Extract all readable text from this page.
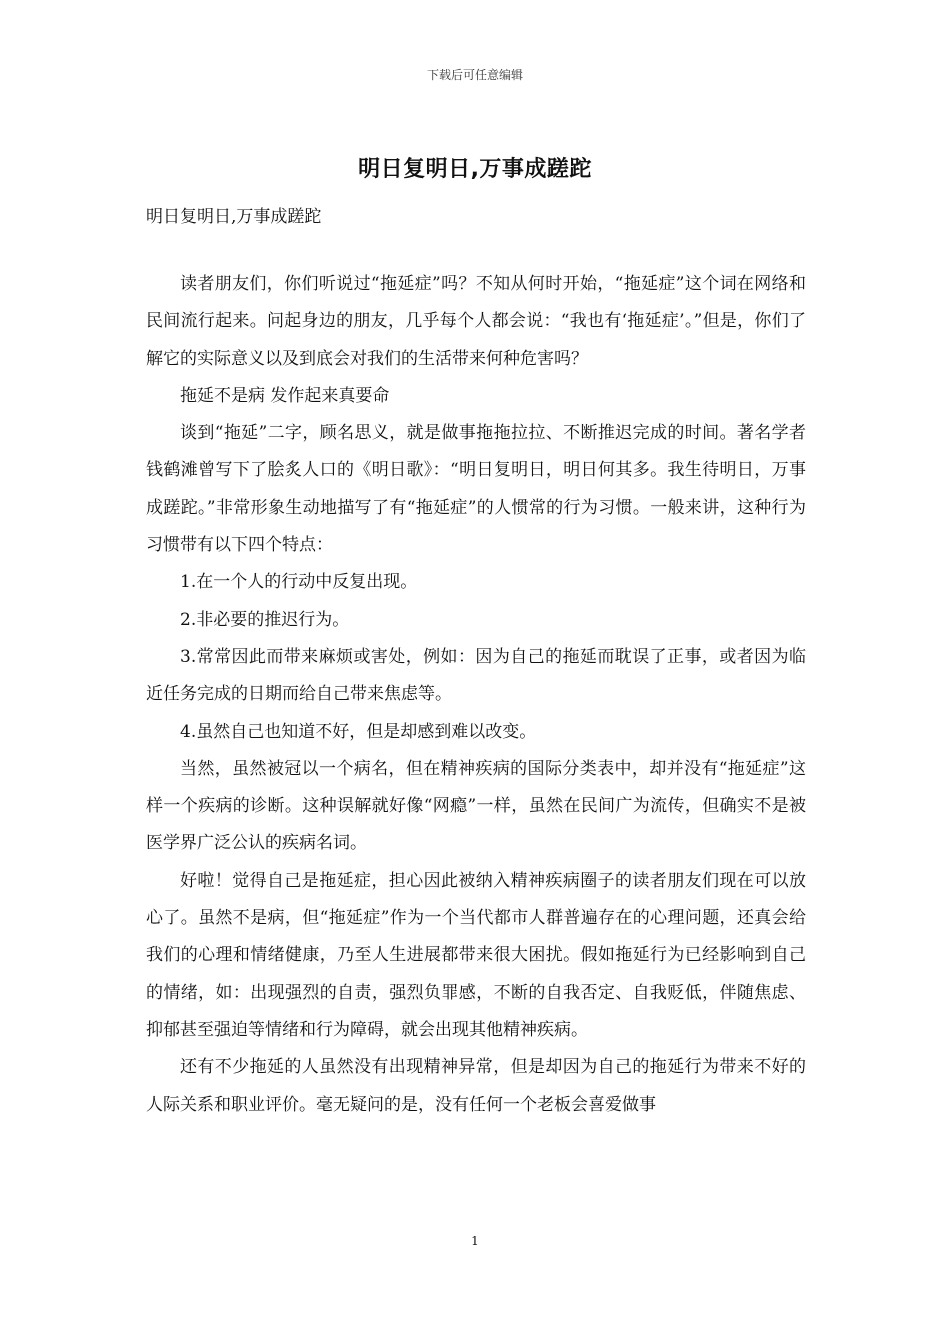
下载后可任意编辑
明日复明日,万事成蹉跎
明日复明日,万事成蹉跎

读者朋友们，你们听说过“拖延症”吗？不知从何时开始，“拖延症”这个词在网络和民间流行起来。问起身边的朋友，几乎每个人都会说：“我也有‘拖延症’。”但是，你们了解它的实际意义以及到底会对我们的生活带来何种危害吗？

拖延不是病 发作起来真要命

谈到“拖延”二字，顾名思义，就是做事拖拖拉拉、不断推迟完成的时间。著名学者钱鹤滩曾写下了脍炙人口的《明日歌》：“明日复明日，明日何其多。我生待明日，万事成蹉跎。”非常形象生动地描写了有“拖延症”的人惯常的行为习惯。一般来讲，这种行为习惯带有以下四个特点：

1.在一个人的行动中反复出现。

2.非必要的推迟行为。

3.常常因此而带来麻烦或害处，例如：因为自己的拖延而耽误了正事，或者因为临近任务完成的日期而给自己带来焦虑等。

4.虽然自己也知道不好，但是却感到难以改变。

当然，虽然被冠以一个病名，但在精神疾病的国际分类表中，却并没有“拖延症”这样一个疾病的诊断。这种误解就好像“网瘾”一样，虽然在民间广为流传，但确实不是被医学界广泛公认的疾病名词。

好啦！觉得自己是拖延症，担心因此被纳入精神疾病圈子的读者朋友们现在可以放心了。虽然不是病，但“拖延症”作为一个当代都市人群普遍存在的心理问题，还真会给我们的心理和情绪健康，乃至人生进展都带来很大困扰。假如拖延行为已经影响到自己的情绪，如：出现强烈的自责，强烈负罪感，不断的自我否定、自我贬低，伴随焦虑、抑郁甚至强迫等情绪和行为障碍，就会出现其他精神疾病。

还有不少拖延的人虽然没有出现精神异常，但是却因为自己的拖延行为带来不好的人际关系和职业评价。毫无疑问的是，没有任何一个老板会喜爱做事

1
